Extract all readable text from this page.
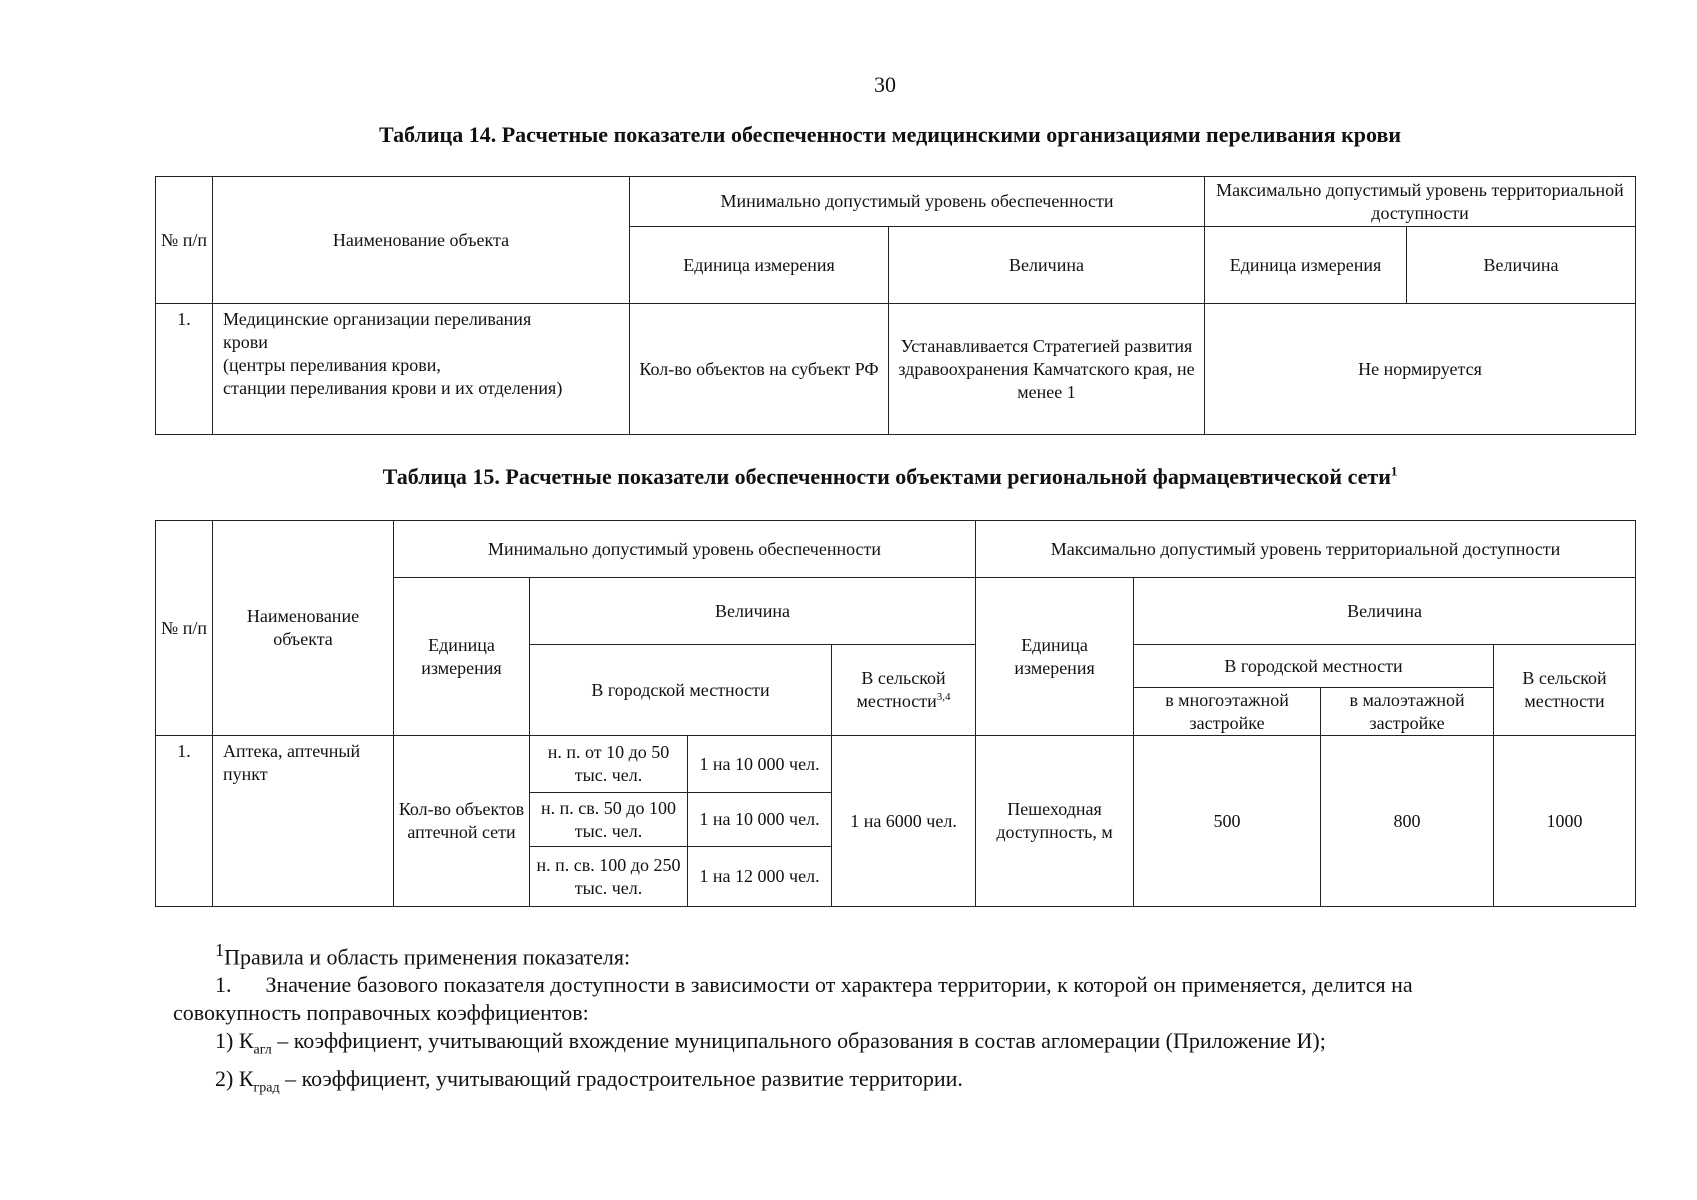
30
Таблица 14. Расчетные показатели обеспеченности медицинскими организациями переливания крови
№ п/п	Наименование объекта	Минимально допустимый уровень обеспеченности		Максимально допустимый уровень территориальной доступности	
		Единица измерения	Величина	Единица измерения	Величина
1.	Медицинские организации переливания
крови
(центры переливания крови,
станции переливания крови и их отделения)	Кол-во объектов на субъект РФ	Устанавливается Стратегией развития здравоохранения Камчатского края, не менее 1	Не нормируется	
Таблица 15. Расчетные показатели обеспеченности объектами региональной фармацевтической сети$^1$
№ п/п	Наименование объекта	Минимально допустимый уровень обеспеченности				Максимально допустимый уровень территориальной доступности			
		Единица измерения	Величина			Единица измерения	Величина		
			В городской местности		В сельской местности$^{3,4}$		В городской местности		В сельской местности
							в многоэтажной застройке	в малоэтажной застройке	
1.	Аптека, аптечный пункт	Кол-во объектов аптечной сети	н. п. от 10 до 50 тыс. чел.	1 на 10 000 чел.	1 на 6000 чел.	Пешеходная доступность, м	500	800	1000
			н. п. св. 50 до 100 тыс. чел.	1 на 10 000 чел.					
			н. п. св. 100 до 250 тыс. чел.	1 на 12 000 чел.					

$^1$Правила и область применения показателя:

1. Значение базового показателя доступности в зависимости от характера территории, к которой он применяется, делится на

совокупность поправочных коэффициентов:

1) $К_{агл}$ – коэффициент, учитывающий вхождение муниципального образования в состав агломерации (Приложение И);

2) $К_{град}$ – коэффициент, учитывающий градостроительное развитие территории.
